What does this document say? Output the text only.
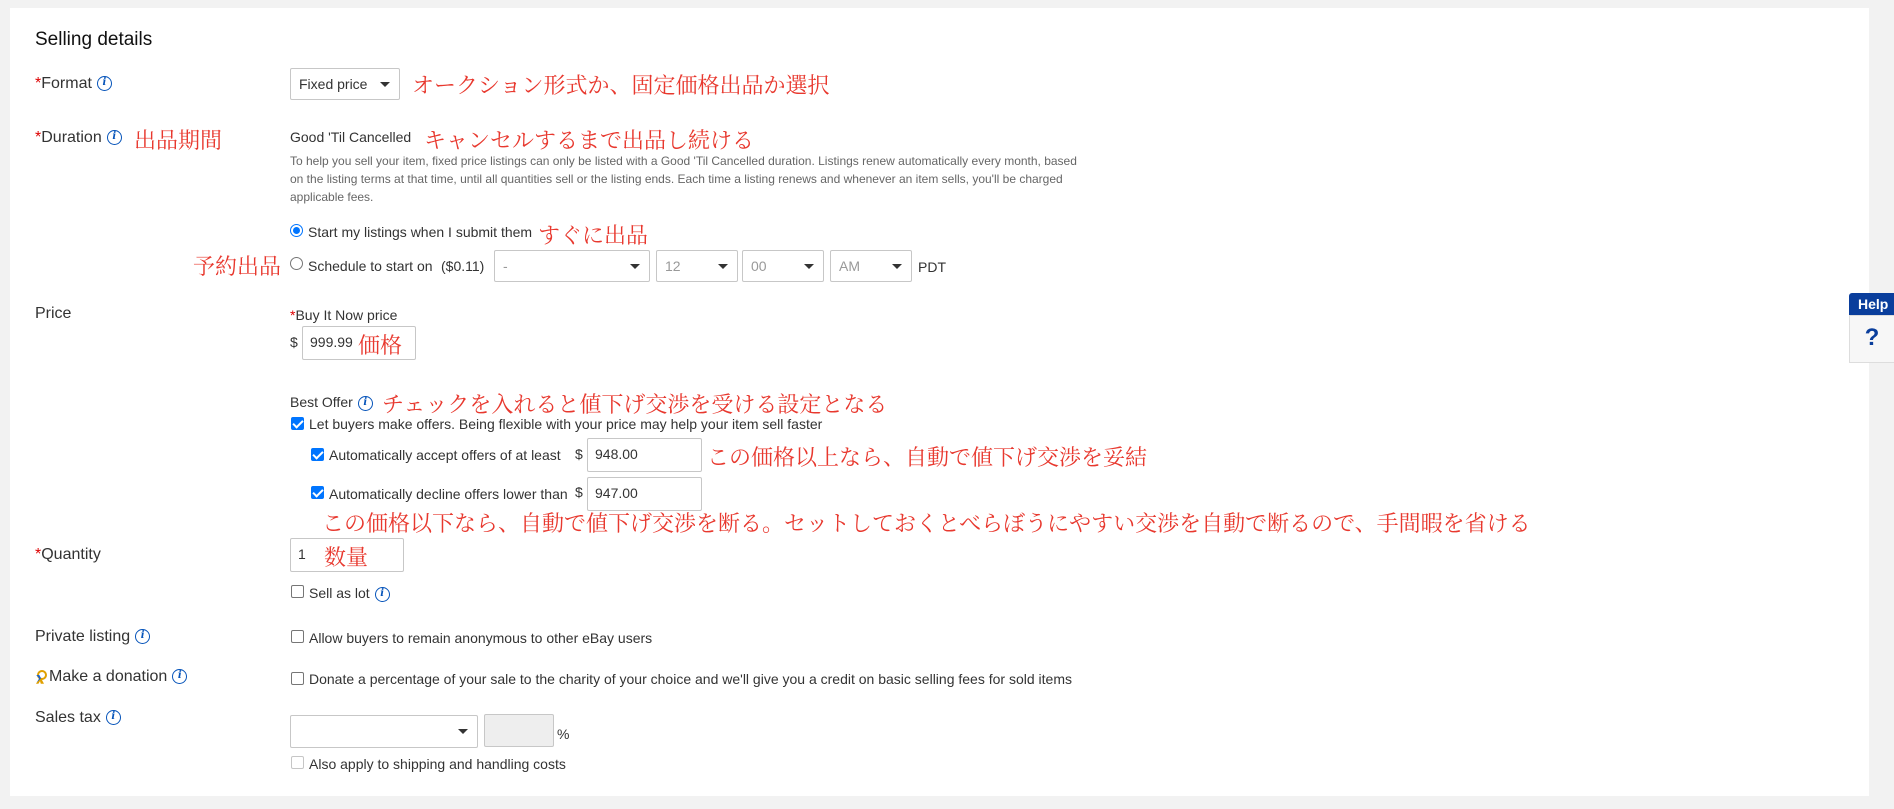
Selling details
*Format i	Fixed price	オークション形式か、固定価格出品か選択
*Duration i 出品期間	Good 'Til Cancelled キャンセルするまで出品し続ける
To help you sell your item, fixed price listings can only be listed with a Good 'Til Cancelled duration. Listings renew automatically every month, based on the listing terms at that time, until all quantities sell or the listing ends. Each time a listing renews and whenever an item sells, you'll be charged applicable fees.
Start my listings when I submit them すぐに出品
予約出品 Schedule to start on ($0.11)	-	12	00	AM	PDT
Price	*Buy It Now price
$ 999.99 価格
Best Offer i チェックを入れると値下げ交渉を受ける設定となる
Let buyers make offers. Being flexible with your price may help your item sell faster
Automatically accept offers of at least $ 948.00	この価格以上なら、自動で値下げ交渉を妥結
Automatically decline offers lower than $ 947.00
この価格以下なら、自動で値下げ交渉を断る。セットしておくとべらぼうにやすい交渉を自動で断るので、手間暇を省ける
*Quantity	1 数量
Sell as lot i
Private listing i	Allow buyers to remain anonymous to other eBay users
Make a donation i	Donate a percentage of your sale to the charity of your choice and we'll give you a credit on basic selling fees for sold items
Sales tax i
%
Also apply to shipping and handling costs
Help
?
